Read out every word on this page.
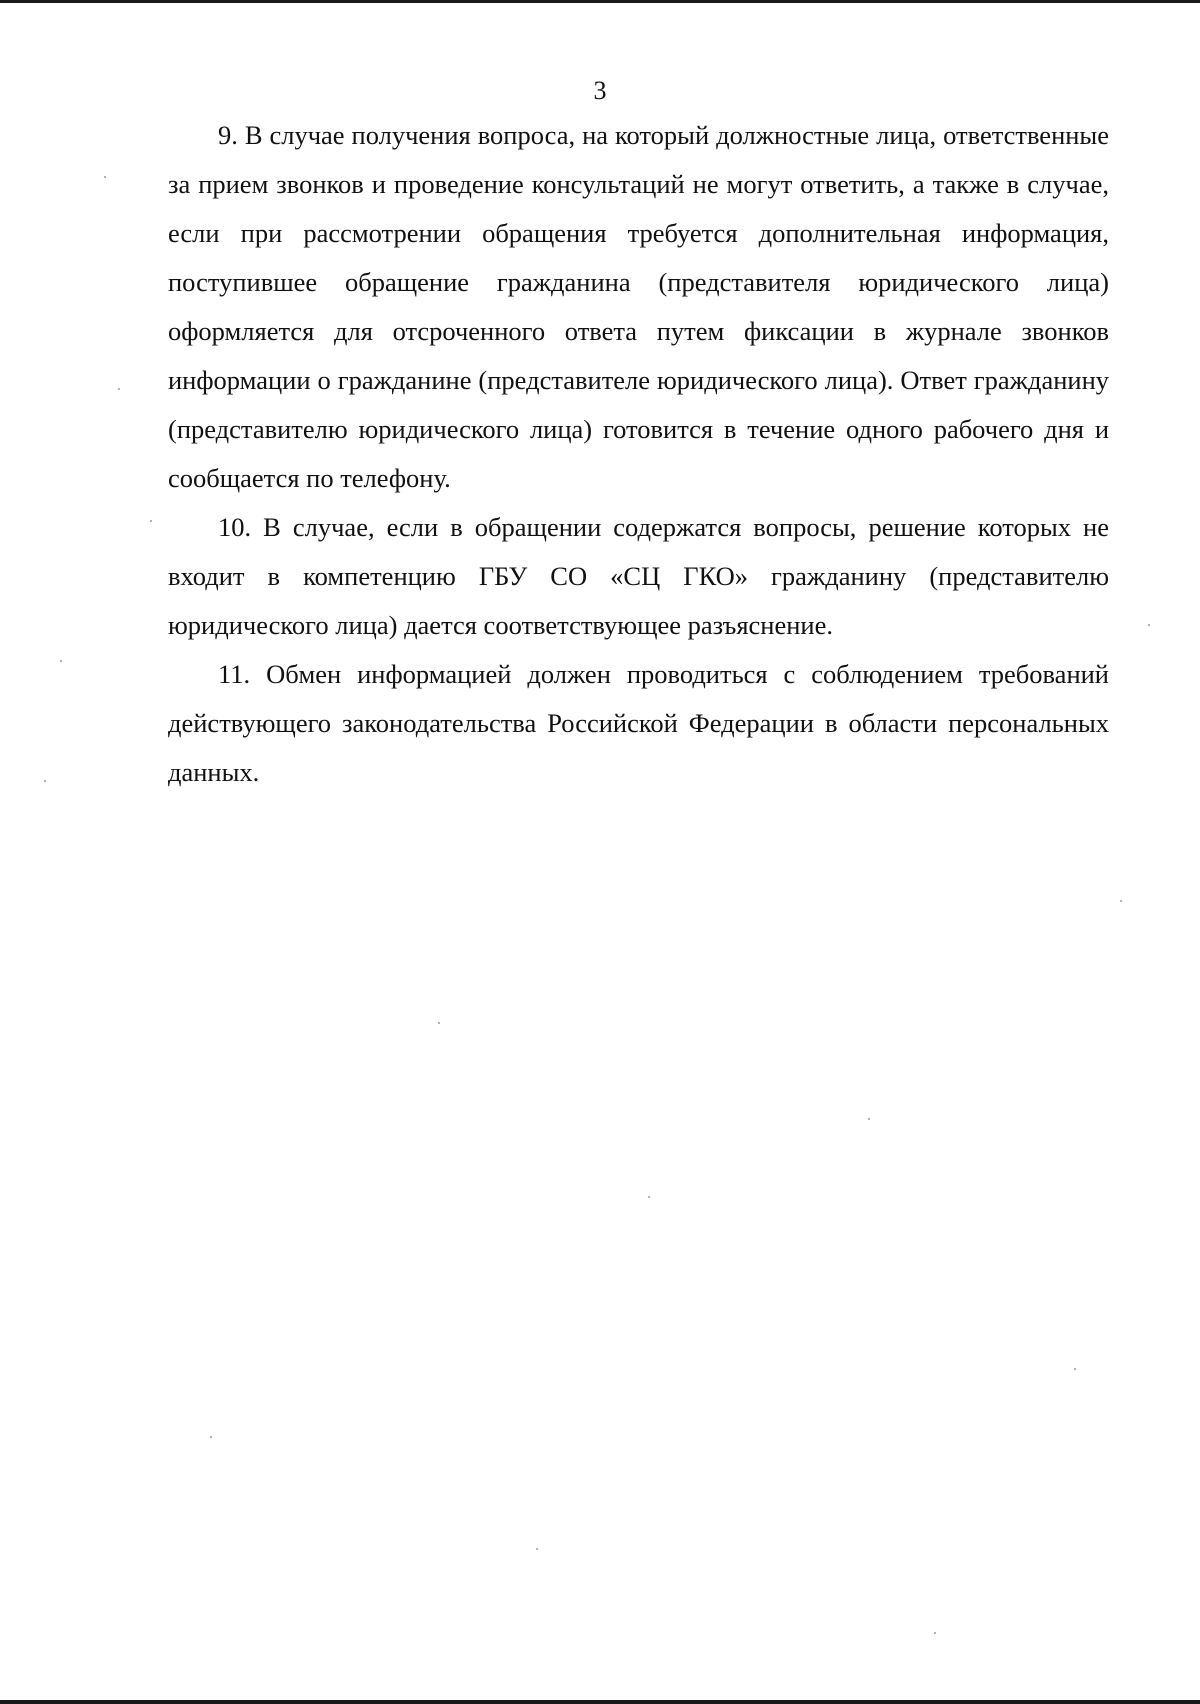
3

9. В случае получения вопроса, на который должностные лица, ответственные за прием звонков и проведение консультаций не могут ответить, а также в случае, если при рассмотрении обращения требуется дополнительная информация, поступившее обращение гражданина (представителя юридического лица) оформляется для отсроченного ответа путем фиксации в журнале звонков информации о гражданине (представителе юридического лица). Ответ гражданину (представителю юридического лица) готовится в течение одного рабочего дня и сообщается по телефону.

10. В случае, если в обращении содержатся вопросы, решение которых не входит в компетенцию ГБУ СО «СЦ ГКО» гражданину (представителю юридического лица) дается соответствующее разъяснение.

11. Обмен информацией должен проводиться с соблюдением требований действующего законодательства Российской Федерации в области персональных данных.
